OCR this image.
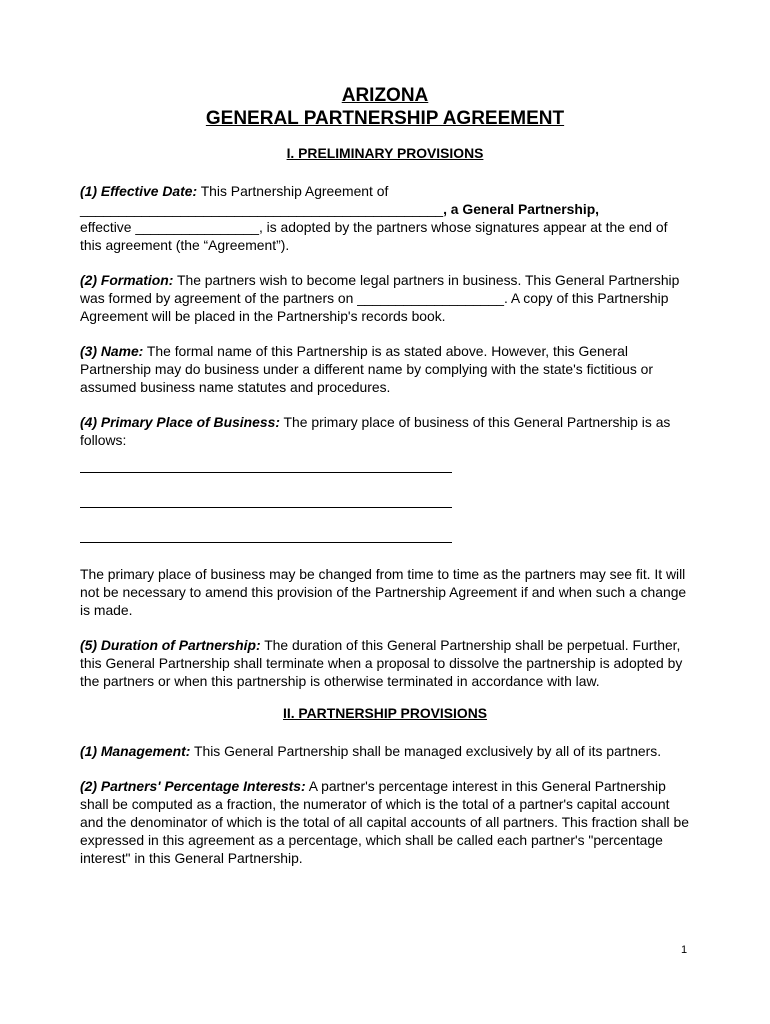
ARIZONA
GENERAL PARTNERSHIP AGREEMENT
I. PRELIMINARY PROVISIONS

(1) Effective Date: This Partnership Agreement of
_______________________________________________, a General Partnership,
effective ________________, is adopted by the partners whose signatures appear at the end of this agreement (the “Agreement”).

(2) Formation: The partners wish to become legal partners in business. This General Partnership was formed by agreement of the partners on ___________________. A copy of this Partnership Agreement will be placed in the Partnership's records book.

(3) Name: The formal name of this Partnership is as stated above. However, this General Partnership may do business under a different name by complying with the state's fictitious or assumed business name statutes and procedures.

(4) Primary Place of Business: The primary place of business of this General Partnership is as follows:

The primary place of business may be changed from time to time as the partners may see fit. It will not be necessary to amend this provision of the Partnership Agreement if and when such a change is made.

(5) Duration of Partnership: The duration of this General Partnership shall be perpetual. Further, this General Partnership shall terminate when a proposal to dissolve the partnership is adopted by the partners or when this partnership is otherwise terminated in accordance with law.

II. PARTNERSHIP PROVISIONS

(1) Management: This General Partnership shall be managed exclusively by all of its partners.

(2) Partners' Percentage Interests: A partner's percentage interest in this General Partnership shall be computed as a fraction, the numerator of which is the total of a partner's capital account and the denominator of which is the total of all capital accounts of all partners. This fraction shall be expressed in this agreement as a percentage, which shall be called each partner's "percentage interest" in this General Partnership.

1
